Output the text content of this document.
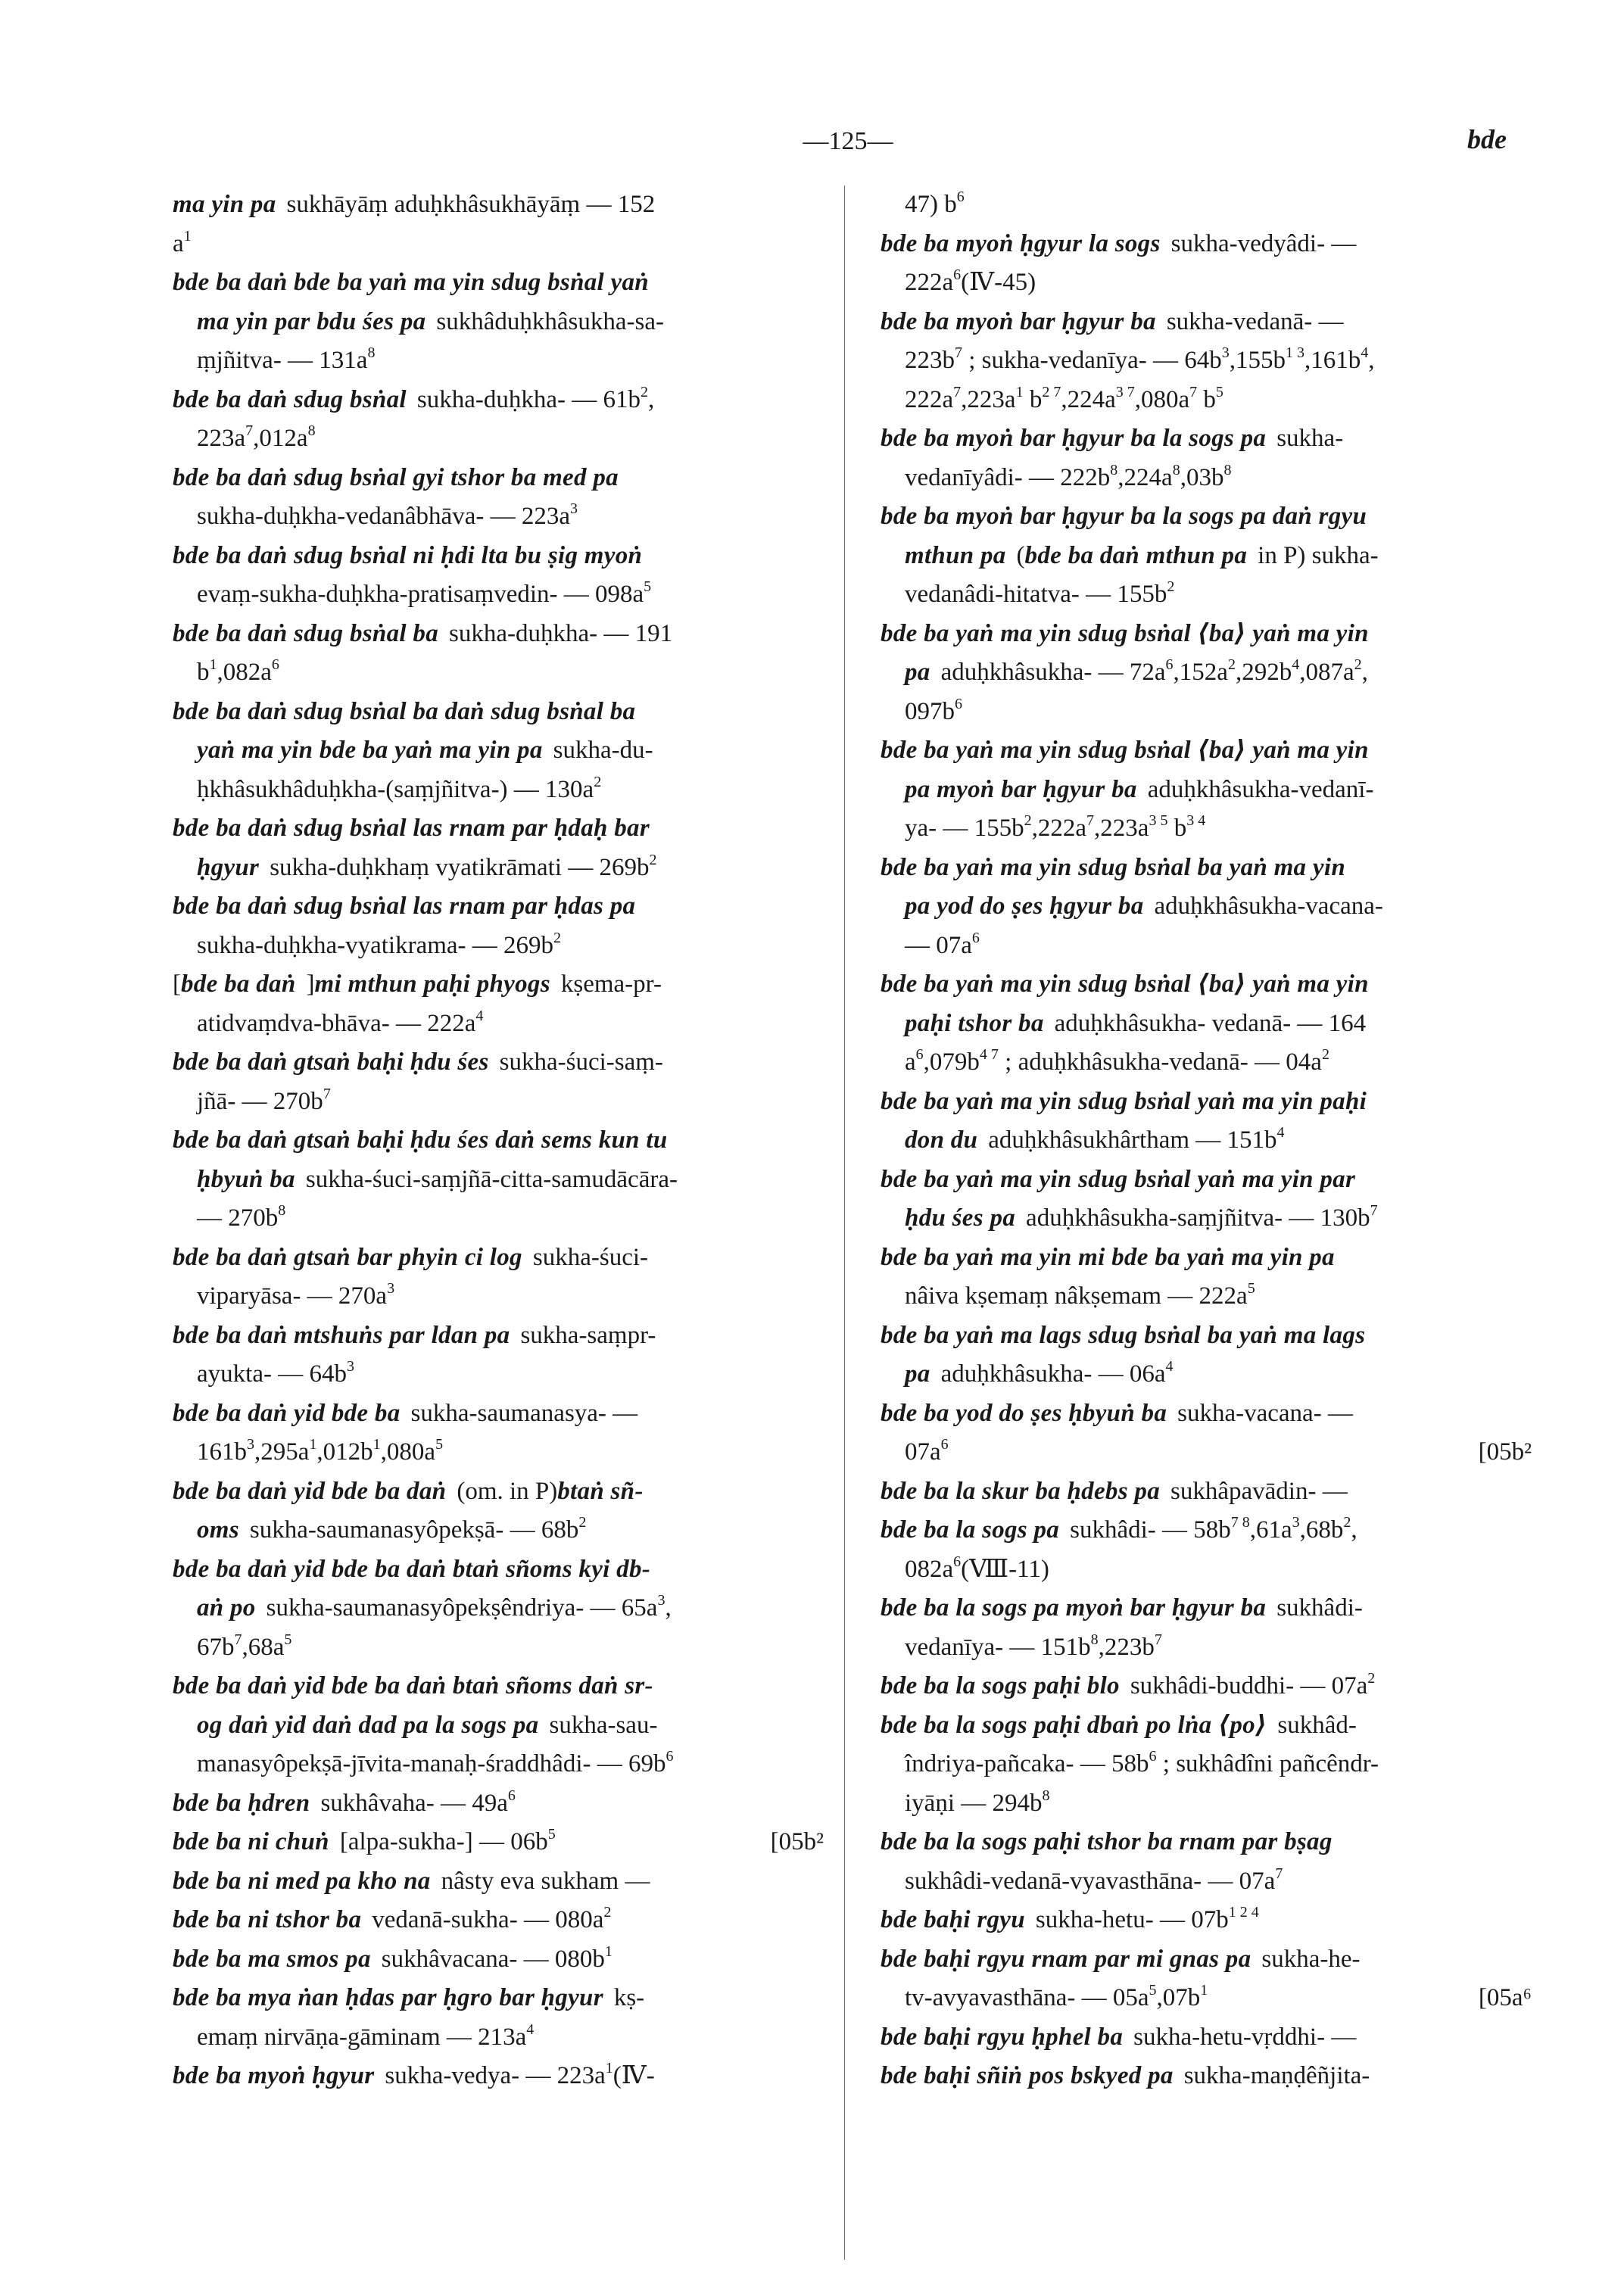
—125—	bde
ma yin pa sukhāyāṃ aduḥkhâsukhāyāṃ — 152
$a^1$
bde ba daṅ bde ba yaṅ ma yin sdug bsṅal yaṅ
ma yin par bdu śes pa sukhâduḥkhâsukha-sa-
ṃjñitva- — $131a^8$
bde ba daṅ sdug bsṅal sukha-duḥkha- — $61b^2$,
$223a^7,012a^8$
bde ba daṅ sdug bsṅal gyi tshor ba med pa
sukha-duḥkha-vedanâbhāva- — $223a^3$
bde ba daṅ sdug bsṅal ni ḥdi lta bu ṣig myoṅ
evaṃ-sukha-duḥkha-pratisaṃvedin- — $098a^5$
bde ba daṅ sdug bsṅal ba sukha-duḥkha- — 191
$b^1,082a^6$
bde ba daṅ sdug bsṅal ba daṅ sdug bsṅal ba
yaṅ ma yin bde ba yaṅ ma yin pa sukha-du-
ḥkhâsukhâduḥkha-(saṃjñitva-) — $130a^2$
bde ba daṅ sdug bsṅal las rnam par ḥdaḥ bar
ḥgyur sukha-duḥkhaṃ vyatikrāmati — $269b^2$
bde ba daṅ sdug bsṅal las rnam par ḥdas pa
sukha-duḥkha-vyatikrama- — $269b^2$
[bde ba daṅ ]mi mthun paḥi phyogs kṣema-pr-
atidvaṃdva-bhāva- — $222a^4$
bde ba daṅ gtsaṅ baḥi ḥdu śes sukha-śuci-saṃ-
jñā- — $270b^7$
bde ba daṅ gtsaṅ baḥi ḥdu śes daṅ sems kun tu
ḥbyuṅ ba sukha-śuci-saṃjñā-citta-samudācāra-
— $270b^8$
bde ba daṅ gtsaṅ bar phyin ci log sukha-śuci-
viparyāsa- — $270a^3$
bde ba daṅ mtshuṅs par ldan pa sukha-saṃpr-
ayukta- — $64b^3$
bde ba daṅ yid bde ba sukha-saumanasya- —
$161b^3,295a^1,012b^1,080a^5$
bde ba daṅ yid bde ba daṅ (om. in P)btaṅ sñ-
oms sukha-saumanasyôpekṣā- — $68b^2$
bde ba daṅ yid bde ba daṅ btaṅ sñoms kyi db-
aṅ po sukha-saumanasyôpekṣêndriya- — $65a^3$,
$67b^7,68a^5$
bde ba daṅ yid bde ba daṅ btaṅ sñoms daṅ sr-
og daṅ yid daṅ dad pa la sogs pa sukha-sau-
manasyôpekṣā-jīvita-manaḥ-śraddhâdi- — $69b^6$
bde ba ḥdren sukhâvaha- — $49a^6$
bde ba ni chuṅ [alpa-sukha-] — $06b^5$	[05b²
bde ba ni med pa kho na nâsty eva sukham —
bde ba ni tshor ba vedanā-sukha- — $080a^2$
bde ba ma smos pa sukhâvacana- — $080b^1$
bde ba mya ṅan ḥdas par ḥgro bar ḥgyur kṣ-
emaṃ nirvāṇa-gāminam — $213a^4$
bde ba myoṅ ḥgyur sukha-vedya- — $223a^1(Ⅳ-$
47) $b^6$
bde ba myoṅ ḥgyur la sogs sukha-vedyâdi- —
$222a^6(Ⅳ-45)$
bde ba myoṅ bar ḥgyur ba sukha-vedanā- —
$223b^7$ ; sukha-vedanīya- — $64b^3,155b^{1 3},161b^4$,
$222a^7,223a^1$ $b^{2 7},224a^{3 7},080a^7$ $b^5$
bde ba myoṅ bar ḥgyur ba la sogs pa sukha-
vedanīyâdi- — $222b^8,224a^8,03b^8$
bde ba myoṅ bar ḥgyur ba la sogs pa daṅ rgyu
mthun pa (bde ba daṅ mthun pa in P) sukha-
vedanâdi-hitatva- — $155b^2$
bde ba yaṅ ma yin sdug bsṅal ⟨ba⟩ yaṅ ma yin
pa aduḥkhâsukha- — $72a^6,152a^2,292b^4,087a^2$,
$097b^6$
bde ba yaṅ ma yin sdug bsṅal ⟨ba⟩ yaṅ ma yin
pa myoṅ bar ḥgyur ba aduḥkhâsukha-vedanī-
ya- — $155b^2,222a^7,223a^{3 5}$ $b^{3 4}$
bde ba yaṅ ma yin sdug bsṅal ba yaṅ ma yin
pa yod do ṣes ḥgyur ba aduḥkhâsukha-vacana-
— $07a^6$
bde ba yaṅ ma yin sdug bsṅal ⟨ba⟩ yaṅ ma yin
paḥi tshor ba aduḥkhâsukha- vedanā- — 164
$a^6,079b^{4 7}$ ; aduḥkhâsukha-vedanā- — $04a^2$
bde ba yaṅ ma yin sdug bsṅal yaṅ ma yin paḥi
don du aduḥkhâsukhârtham — $151b^4$
bde ba yaṅ ma yin sdug bsṅal yaṅ ma yin par
ḥdu śes pa aduḥkhâsukha-saṃjñitva- — $130b^7$
bde ba yaṅ ma yin mi bde ba yaṅ ma yin pa
nâiva kṣemaṃ nâkṣemam — $222a^5$
bde ba yaṅ ma lags sdug bsṅal ba yaṅ ma lags
pa aduḥkhâsukha- — $06a^4$
bde ba yod do ṣes ḥbyuṅ ba sukha-vacana- —
$07a^6$	[05b²
bde ba la skur ba ḥdebs pa sukhâpavādin- —
bde ba la sogs pa sukhâdi- — $58b^{7 8},61a^3,68b^2$,
$082a^6(Ⅷ-11)$
bde ba la sogs pa myoṅ bar ḥgyur ba sukhâdi-
vedanīya- — $151b^8,223b^7$
bde ba la sogs paḥi blo sukhâdi-buddhi- — $07a^2$
bde ba la sogs paḥi dbaṅ po lṅa ⟨po⟩ sukhâd-
îndriya-pañcaka- — $58b^6$ ; sukhâdîni pañcêndr-
iyāṇi — $294b^8$
bde ba la sogs paḥi tshor ba rnam par bṣag
sukhâdi-vedanā-vyavasthāna- — $07a^7$
bde baḥi rgyu sukha-hetu- — $07b^{1 2 4}$
bde baḥi rgyu rnam par mi gnas pa sukha-he-
tv-avyavasthāna- — $05a^5,07b^1$	[05a⁶
bde baḥi rgyu ḥphel ba sukha-hetu-vṛddhi- —
bde baḥi sñiṅ pos bskyed pa sukha-maṇḍêñjita-
